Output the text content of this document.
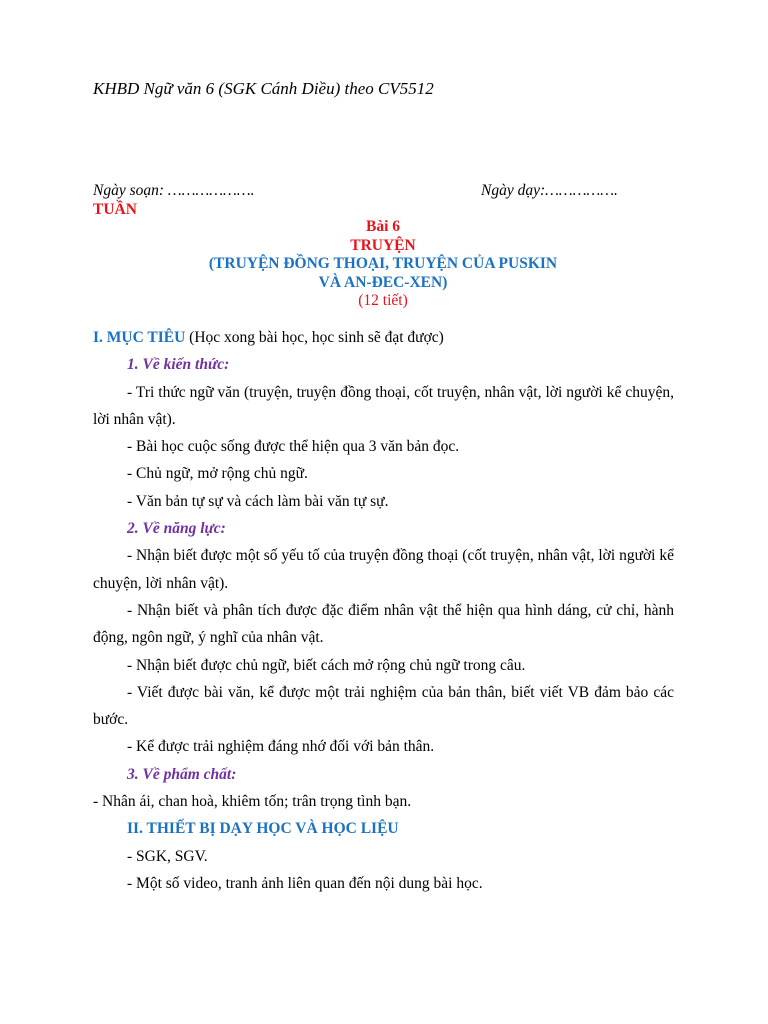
KHBD Ngữ văn 6 (SGK Cánh Diều) theo CV5512
Ngày soạn: ……………….	Ngày dạy:…………….
TUẦN
Bài 6
TRUYỆN
(TRUYỆN ĐỒNG THOẠI, TRUYỆN CỦA PUSKIN
VÀ AN-ĐEC-XEN)
(12 tiết)

I. MỤC TIÊU (Học xong bài học, học sinh sẽ đạt được)

1. Về kiến thức:

- Tri thức ngữ văn (truyện, truyện đồng thoại, cốt truyện, nhân vật, lời người kể chuyện, lời nhân vật).

- Bài học cuộc sống được thể hiện qua 3 văn bản đọc.

- Chủ ngữ, mở rộng chủ ngữ.

- Văn bản tự sự và cách làm bài văn tự sự.

2. Về năng lực:

- Nhận biết được một số yếu tố của truyện đồng thoại (cốt truyện, nhân vật, lời người kể chuyện, lời nhân vật).

- Nhận biết và phân tích được đặc điểm nhân vật thể hiện qua hình dáng, cử chỉ, hành động, ngôn ngữ, ý nghĩ của nhân vật.

- Nhận biết được chủ ngữ, biết cách mở rộng chủ ngữ trong câu.

- Viết được bài văn, kể được một trải nghiệm của bản thân, biết viết VB đảm bảo các bước.

- Kể được trải nghiệm đáng nhớ đối với bản thân.

3. Về phẩm chất:

- Nhân ái, chan hoà, khiêm tốn; trân trọng tình bạn.

II. THIẾT BỊ DẠY HỌC VÀ HỌC LIỆU

- SGK, SGV.

- Một số video, tranh ảnh liên quan đến nội dung bài học.
